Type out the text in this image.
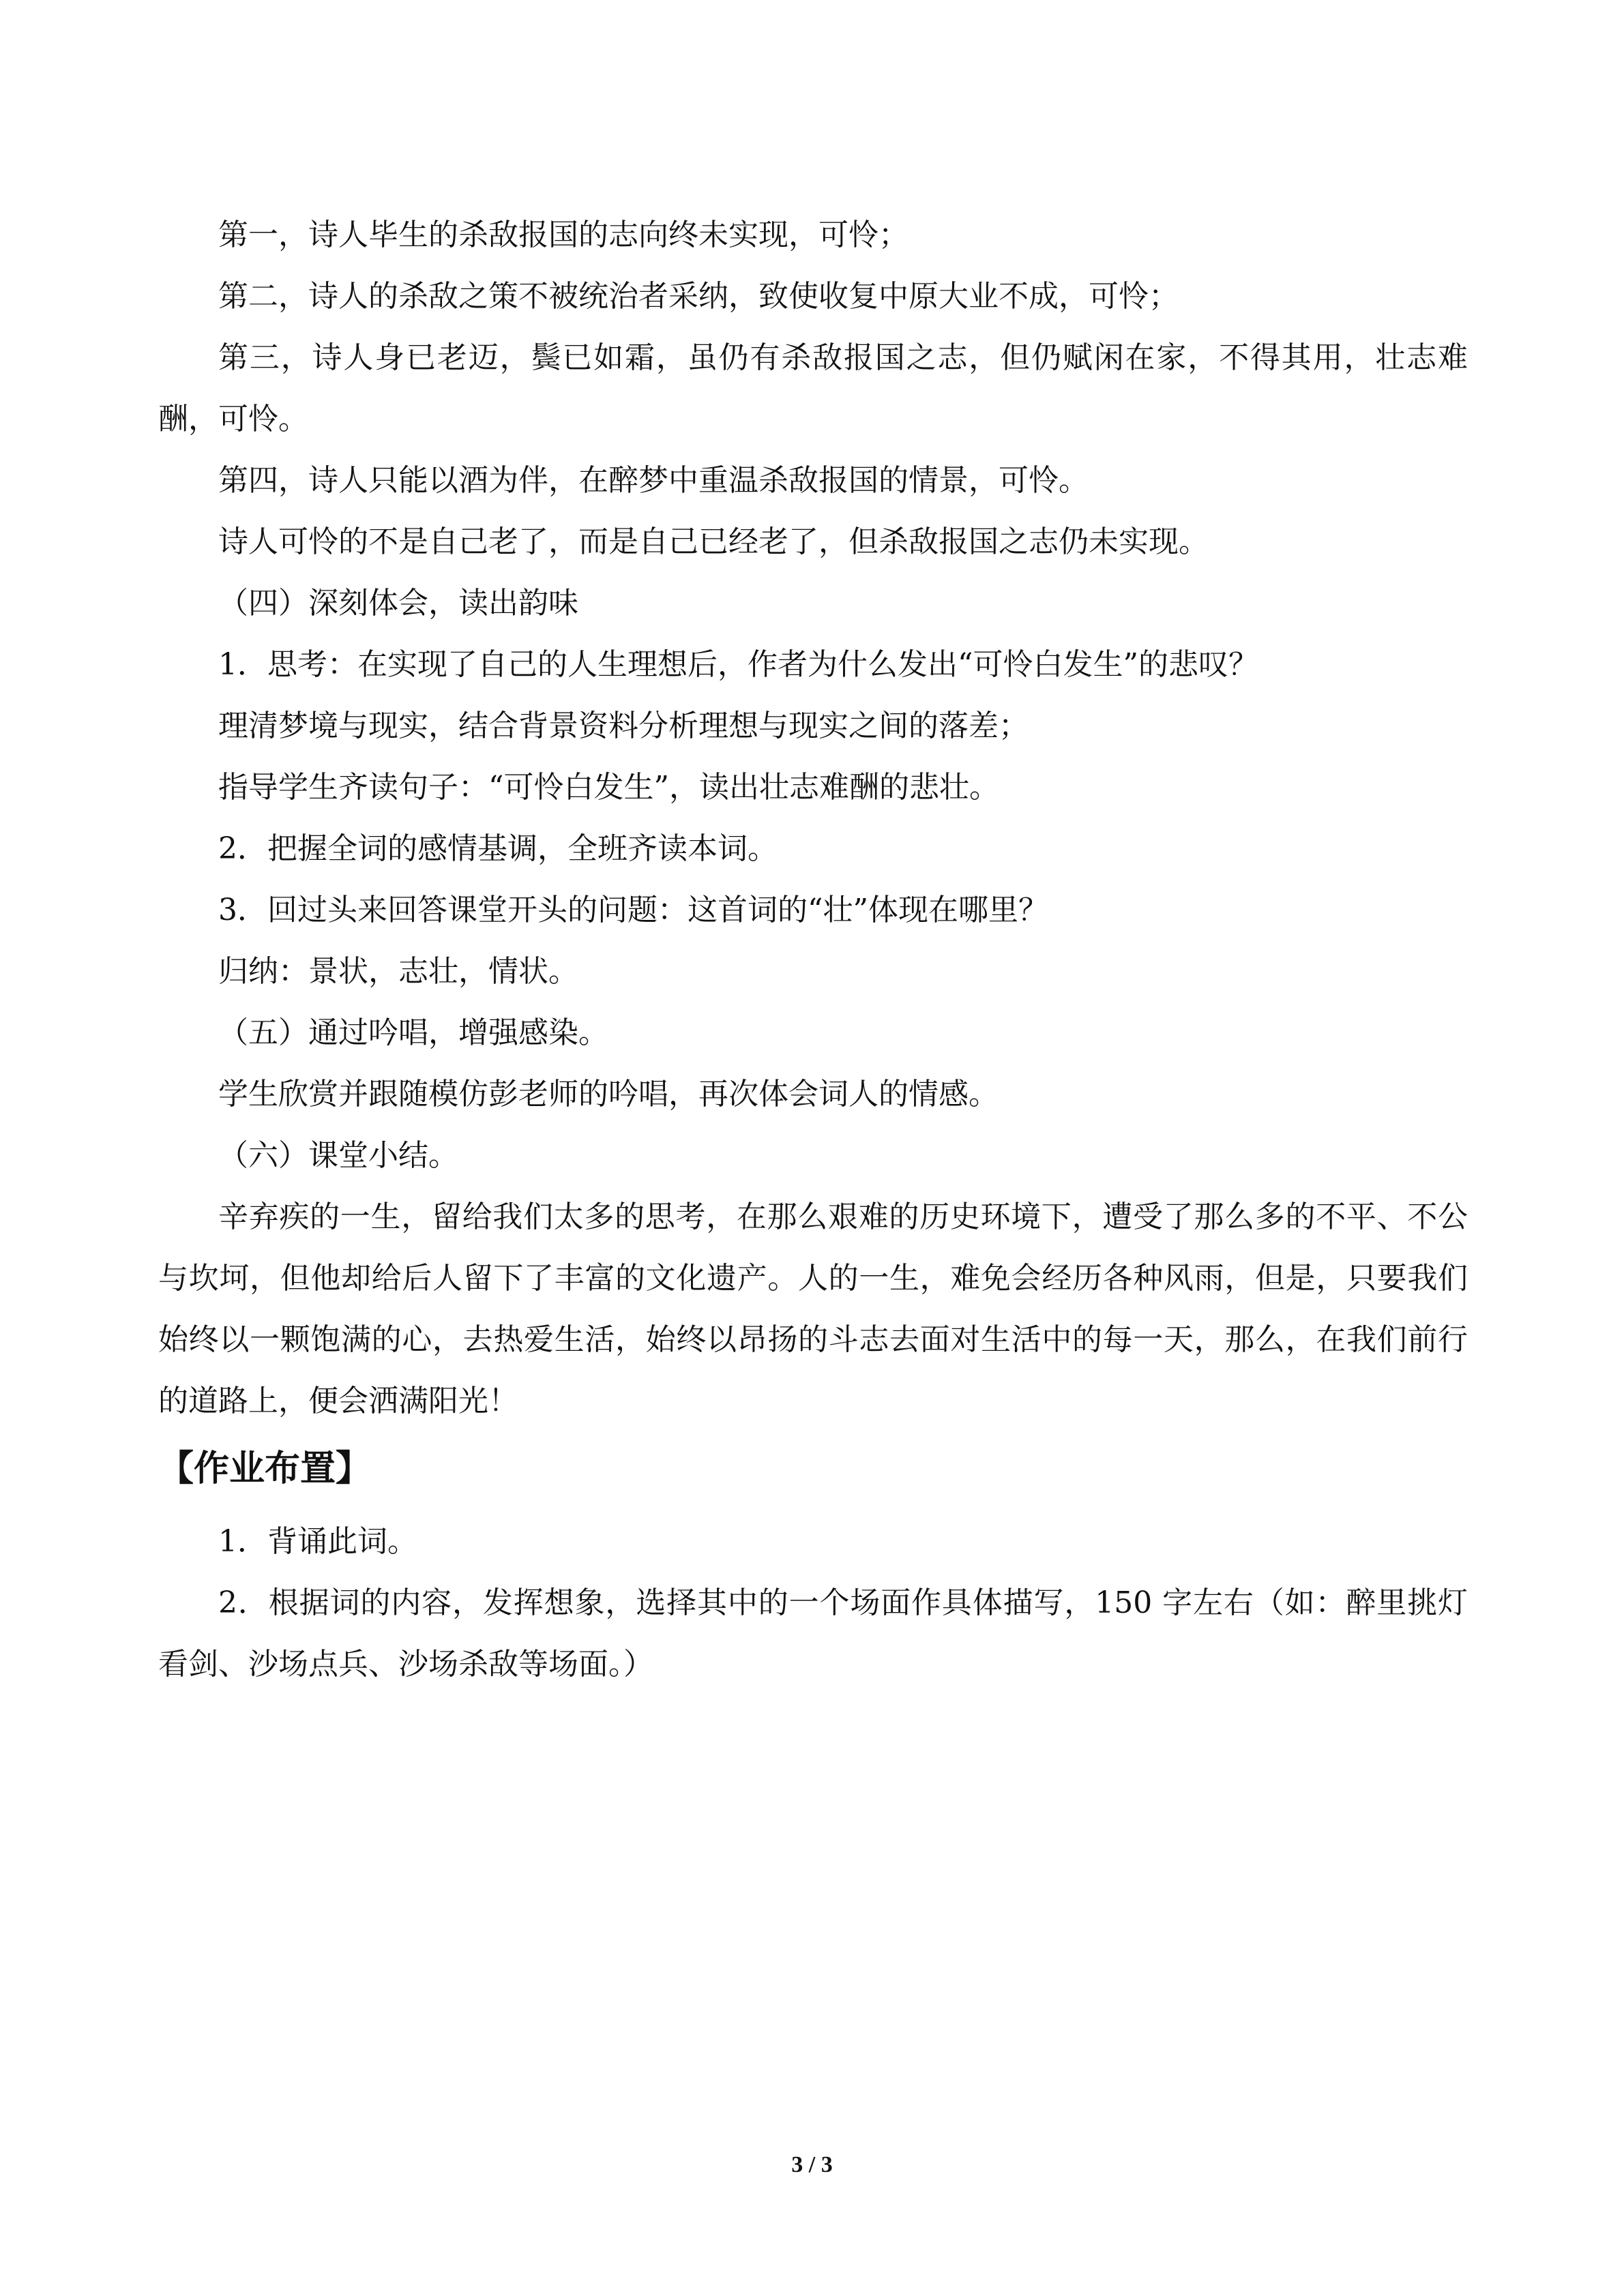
第一，诗人毕生的杀敌报国的志向终未实现，可怜；

第二，诗人的杀敌之策不被统治者采纳，致使收复中原大业不成，可怜；

第三，诗人身已老迈，鬓已如霜，虽仍有杀敌报国之志，但仍赋闲在家，不得其用，壮志难酬，可怜。

第四，诗人只能以酒为伴，在醉梦中重温杀敌报国的情景，可怜。

诗人可怜的不是自己老了，而是自己已经老了，但杀敌报国之志仍未实现。

（四）深刻体会，读出韵味

1．思考：在实现了自己的人生理想后，作者为什么发出“可怜白发生”的悲叹？

理清梦境与现实，结合背景资料分析理想与现实之间的落差；

指导学生齐读句子：“可怜白发生”，读出壮志难酬的悲壮。

2．把握全词的感情基调，全班齐读本词。

3．回过头来回答课堂开头的问题：这首词的“壮”体现在哪里？

归纳：景状，志壮，情状。

（五）通过吟唱，增强感染。

学生欣赏并跟随模仿彭老师的吟唱，再次体会词人的情感。

（六）课堂小结。

辛弃疾的一生，留给我们太多的思考，在那么艰难的历史环境下，遭受了那么多的不平、不公与坎坷，但他却给后人留下了丰富的文化遗产。人的一生，难免会经历各种风雨，但是，只要我们始终以一颗饱满的心，去热爱生活，始终以昂扬的斗志去面对生活中的每一天，那么，在我们前行的道路上，便会洒满阳光！

【作业布置】

1．背诵此词。

2．根据词的内容，发挥想象，选择其中的一个场面作具体描写，150 字左右（如：醉里挑灯看剑、沙场点兵、沙场杀敌等场面。）

3 / 3
